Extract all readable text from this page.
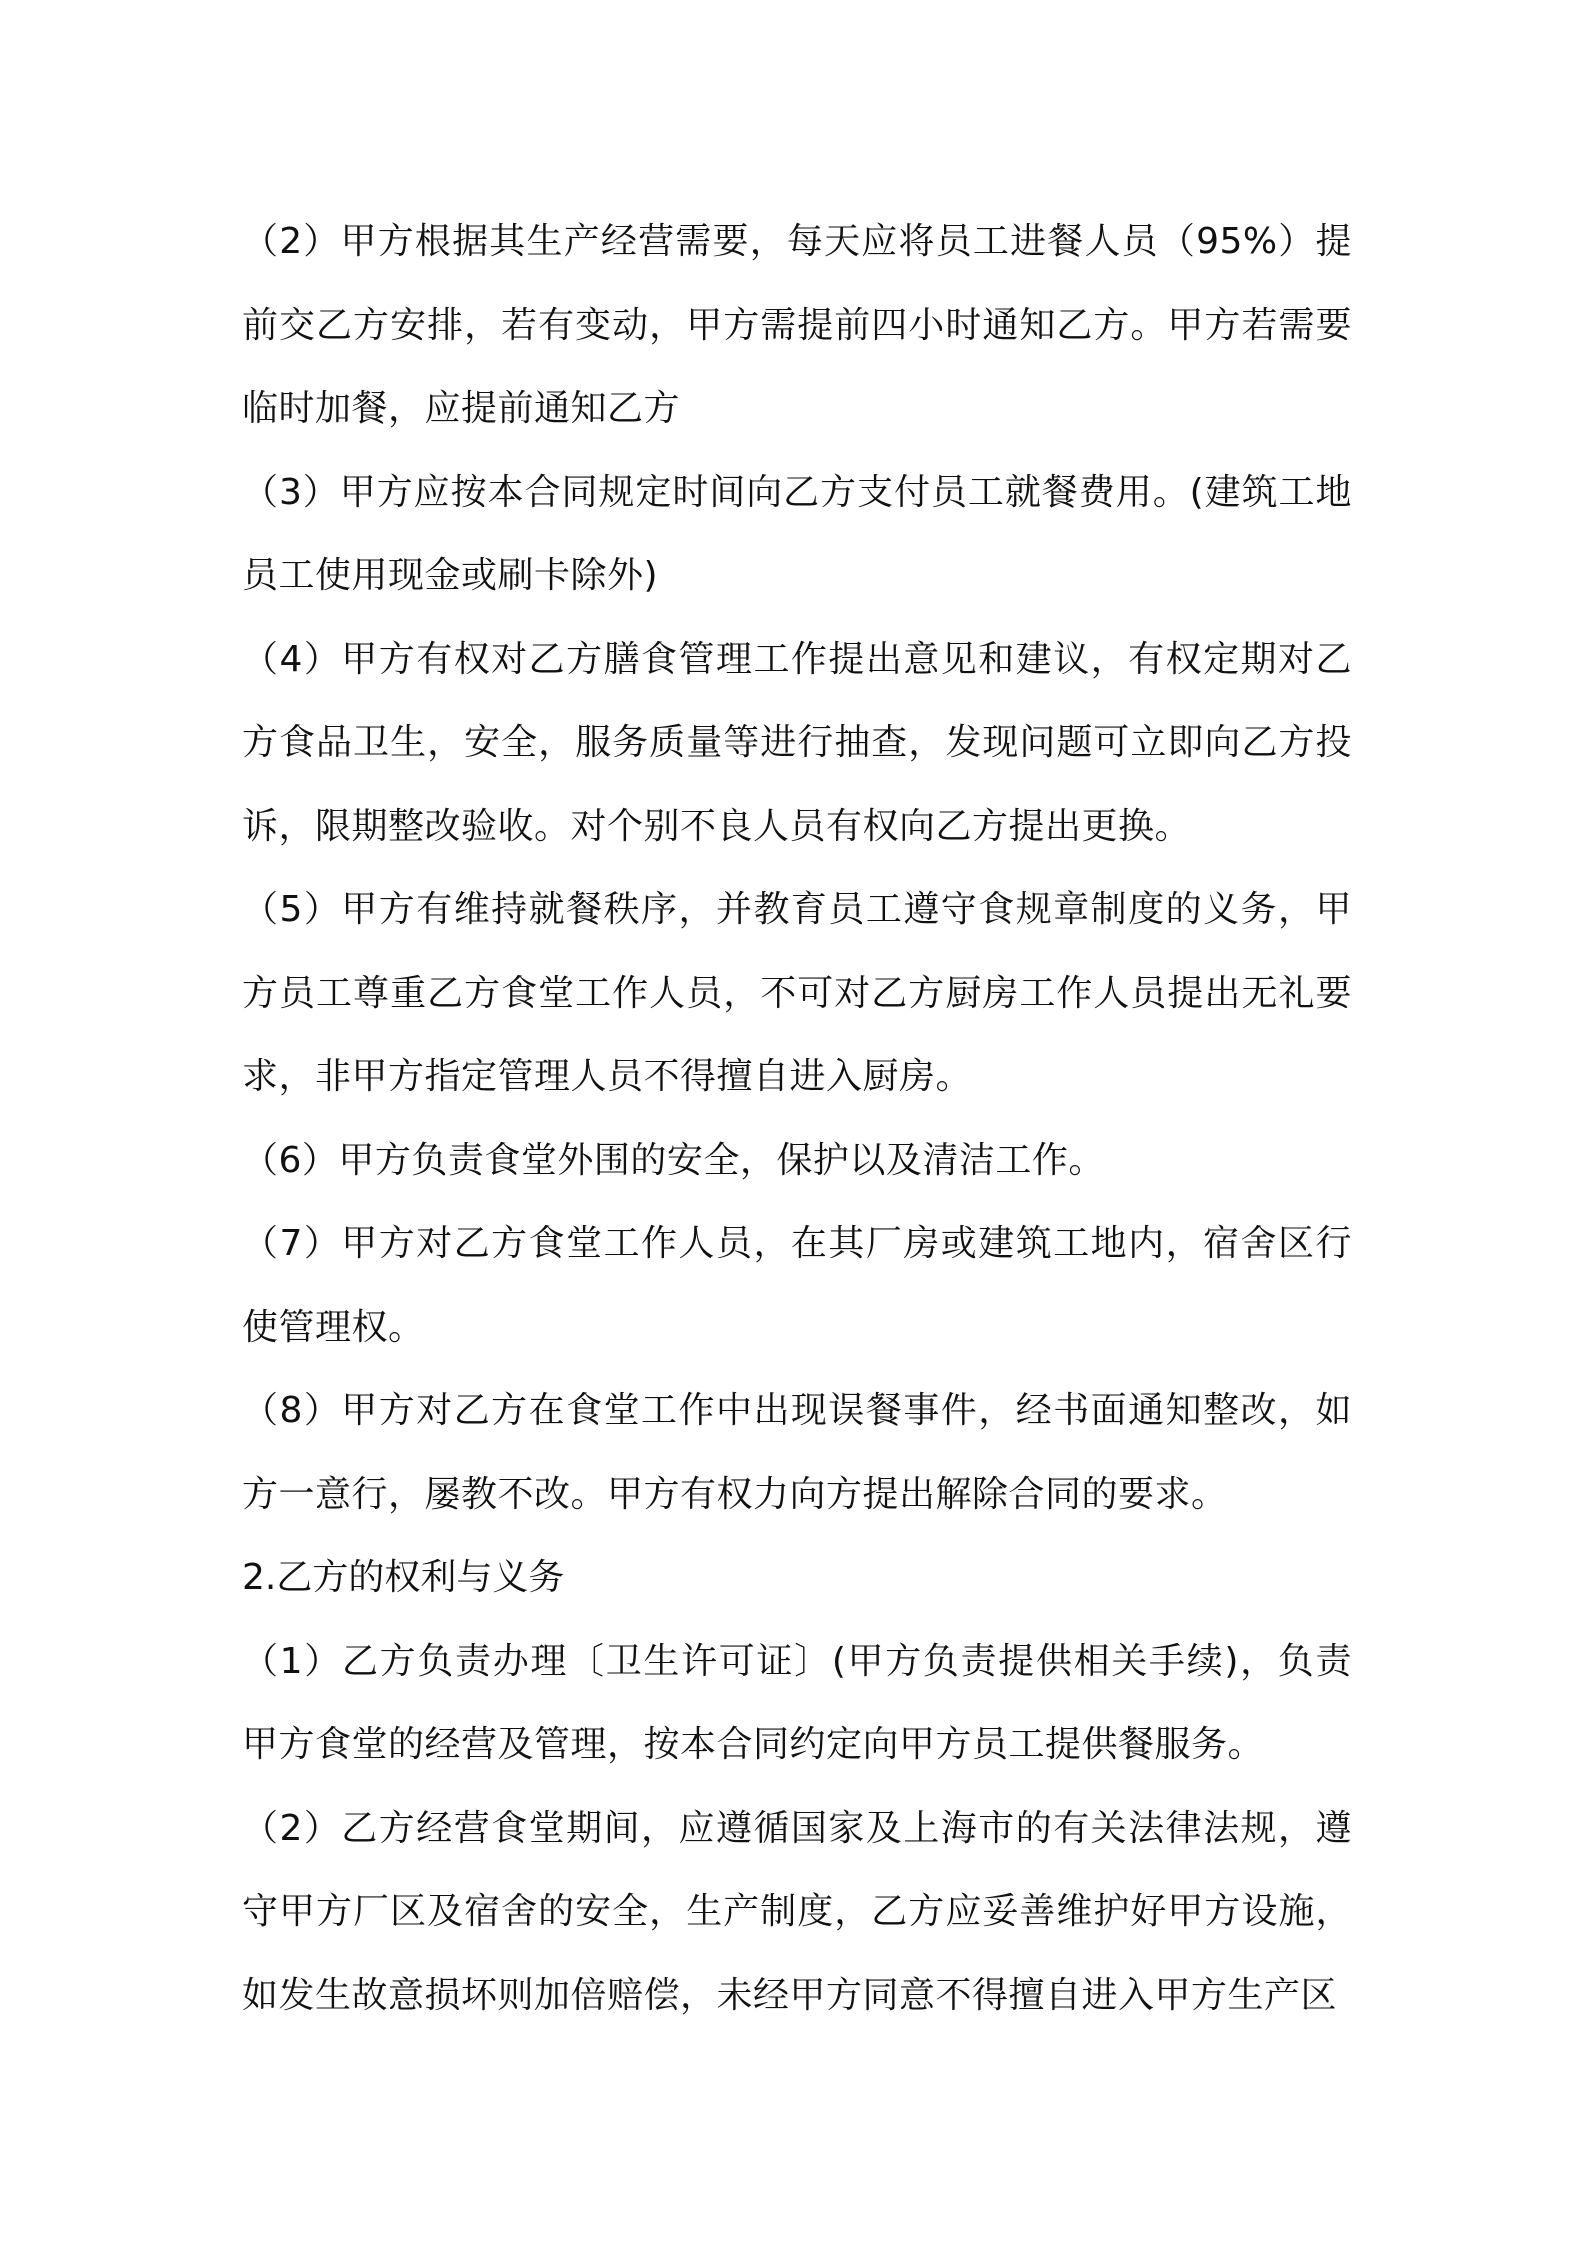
（2）甲方根据其生产经营需要，每天应将员工进餐人员（95%）提前交乙方安排，若有变动，甲方需提前四小时通知乙方。甲方若需要临时加餐，应提前通知乙方

（3）甲方应按本合同规定时间向乙方支付员工就餐费用。(建筑工地员工使用现金或刷卡除外)

（4）甲方有权对乙方膳食管理工作提出意见和建议，有权定期对乙方食品卫生，安全，服务质量等进行抽查，发现问题可立即向乙方投诉，限期整改验收。对个别不良人员有权向乙方提出更换。

（5）甲方有维持就餐秩序，并教育员工遵守食规章制度的义务，甲方员工尊重乙方食堂工作人员，不可对乙方厨房工作人员提出无礼要求，非甲方指定管理人员不得擅自进入厨房。

（6）甲方负责食堂外围的安全，保护以及清洁工作。

（7）甲方对乙方食堂工作人员，在其厂房或建筑工地内，宿舍区行使管理权。

（8）甲方对乙方在食堂工作中出现误餐事件，经书面通知整改，如方一意行，屡教不改。甲方有权力向方提出解除合同的要求。

2.乙方的权利与义务

（1）乙方负责办理〔卫生许可证〕(甲方负责提供相关手续)，负责甲方食堂的经营及管理，按本合同约定向甲方员工提供餐服务。

（2）乙方经营食堂期间，应遵循国家及上海市的有关法律法规，遵守甲方厂区及宿舍的安全，生产制度，乙方应妥善维护好甲方设施，如发生故意损坏则加倍赔偿，未经甲方同意不得擅自进入甲方生产区
